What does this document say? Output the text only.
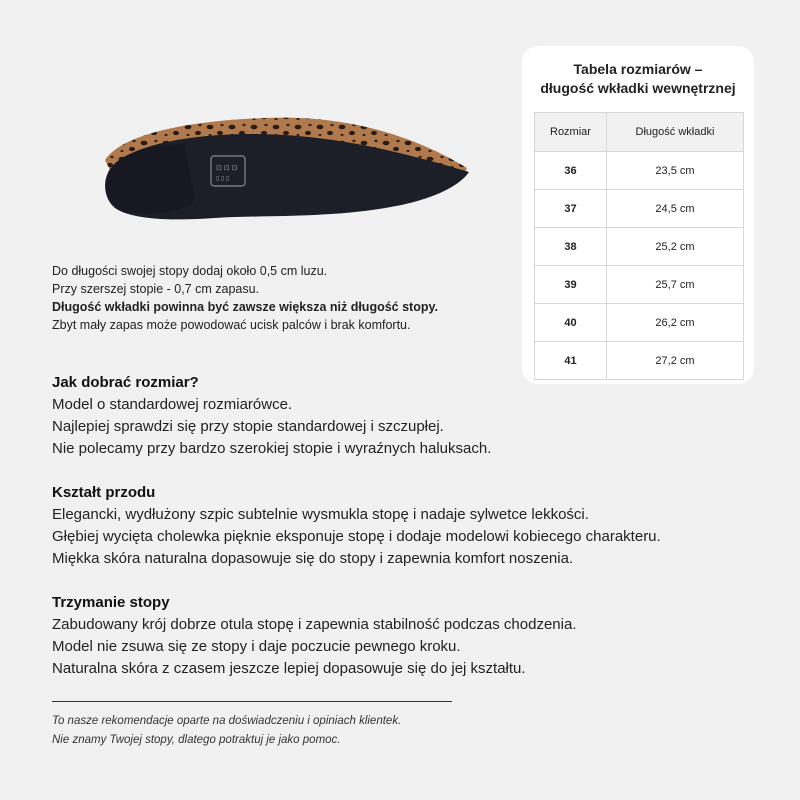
⊡ ⊡ ⊡
▯ ▯ ▯

Do długości swojej stopy dodaj około 0,5 cm luzu.

Przy szerszej stopie - 0,7 cm zapasu.

Długość wkładki powinna być zawsze większa niż długość stopy.

Zbyt mały zapas może powodować ucisk palców i brak komfortu.

Tabela rozmiarów –
długość wkładki wewnętrznej
Rozmiar	Długość wkładki
36	23,5 cm
37	24,5 cm
38	25,2 cm
39	25,7 cm
40	26,2 cm
41	27,2 cm
Jak dobrać rozmiar?

Model o standardowej rozmiarówce.

Najlepiej sprawdzi się przy stopie standardowej i szczupłej.

Nie polecamy przy bardzo szerokiej stopie i wyraźnych haluksach.

Kształt przodu

Elegancki, wydłużony szpic subtelnie wysmukla stopę i nadaje sylwetce lekkości.

Głębiej wycięta cholewka pięknie eksponuje stopę i dodaje modelowi kobiecego charakteru.

Miękka skóra naturalna dopasowuje się do stopy i zapewnia komfort noszenia.

Trzymanie stopy

Zabudowany krój dobrze otula stopę i zapewnia stabilność podczas chodzenia.

Model nie zsuwa się ze stopy i daje poczucie pewnego kroku.

Naturalna skóra z czasem jeszcze lepiej dopasowuje się do jej kształtu.

To nasze rekomendacje oparte na doświadczeniu i opiniach klientek.

Nie znamy Twojej stopy, dlatego potraktuj je jako pomoc.
